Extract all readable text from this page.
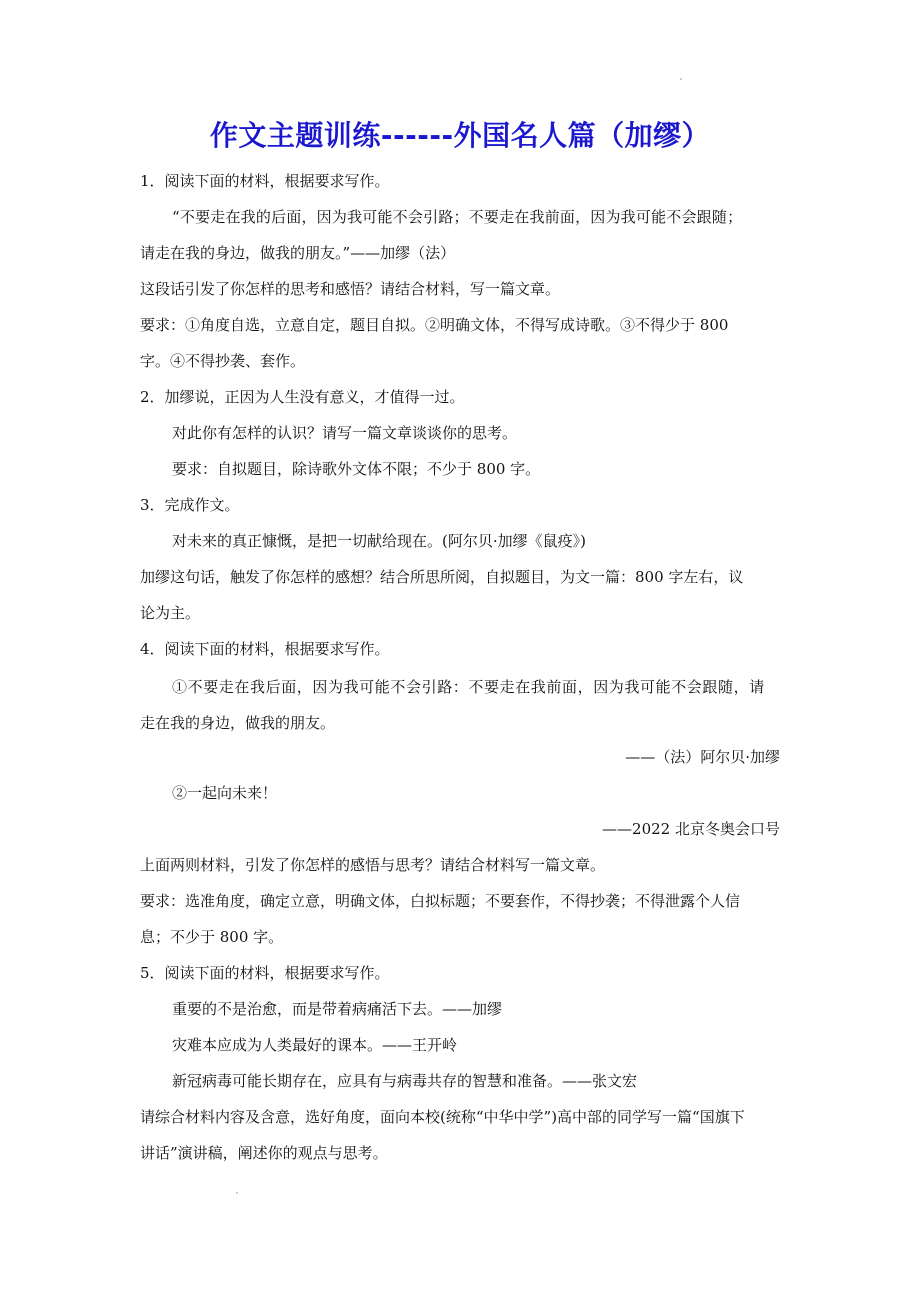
作文主题训练------外国名人篇（加缪）
1．阅读下面的材料，根据要求写作。
“不要走在我的后面，因为我可能不会引路；不要走在我前面，因为我可能不会跟随；
请走在我的身边，做我的朋友。”——加缪（法）
这段话引发了你怎样的思考和感悟？请结合材料，写一篇文章。
要求：①角度自选，立意自定，题目自拟。②明确文体，不得写成诗歌。③不得少于 800
字。④不得抄袭、套作。
2．加缪说，正因为人生没有意义，才值得一过。
对此你有怎样的认识？请写一篇文章谈谈你的思考。
要求：自拟题目，除诗歌外文体不限；不少于 800 字。
3．完成作文。
对未来的真正慷慨，是把一切献给现在。(阿尔贝·加缪《鼠疫》)
加缪这句话，触发了你怎样的感想？结合所思所阅，自拟题目，为文一篇：800 字左右，议
论为主。
4．阅读下面的材料，根据要求写作。
①不要走在我后面，因为我可能不会引路：不要走在我前面，因为我可能不会跟随，请
走在我的身边，做我的朋友。
——（法）阿尔贝·加缪
②一起向未来！
——2022 北京冬奥会口号
上面两则材料，引发了你怎样的感悟与思考？请结合材料写一篇文章。
要求：选准角度，确定立意，明确文体，白拟标题；不要套作，不得抄袭；不得泄露个人信
息；不少于 800 字。
5．阅读下面的材料，根据要求写作。
重要的不是治愈，而是带着病痛活下去。——加缪
灾难本应成为人类最好的课本。——王开岭
新冠病毒可能长期存在，应具有与病毒共存的智慧和准备。——张文宏
请综合材料内容及含意，选好角度，面向本校(统称“中华中学”)高中部的同学写一篇“国旗下
讲话”演讲稿，阐述你的观点与思考。
